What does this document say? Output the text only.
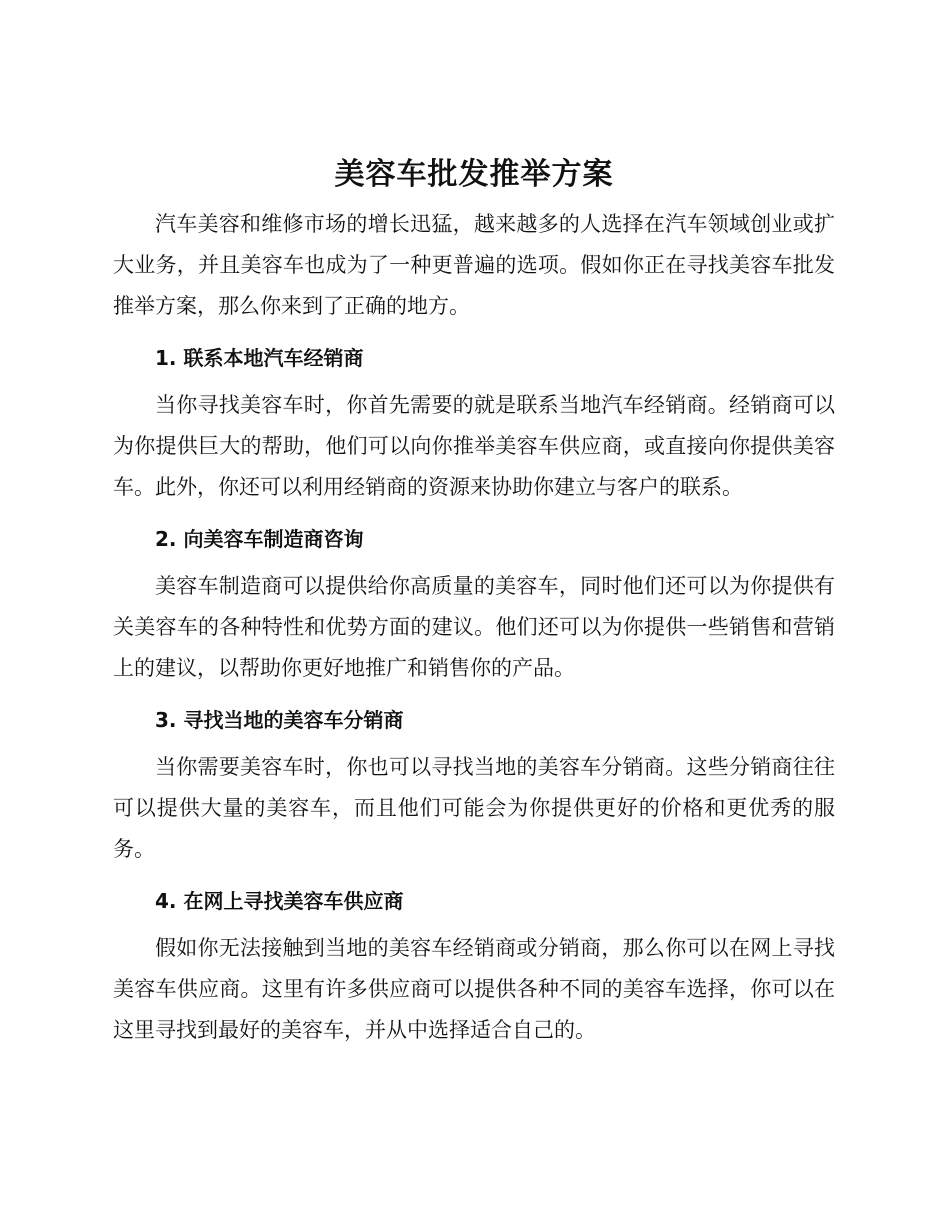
美容车批发推举方案

汽车美容和维修市场的增长迅猛，越来越多的人选择在汽车领域创业或扩大业务，并且美容车也成为了一种更普遍的选项。假如你正在寻找美容车批发推举方案，那么你来到了正确的地方。

1. 联系本地汽车经销商

当你寻找美容车时，你首先需要的就是联系当地汽车经销商。经销商可以为你提供巨大的帮助，他们可以向你推举美容车供应商，或直接向你提供美容车。此外，你还可以利用经销商的资源来协助你建立与客户的联系。

2. 向美容车制造商咨询

美容车制造商可以提供给你高质量的美容车，同时他们还可以为你提供有关美容车的各种特性和优势方面的建议。他们还可以为你提供一些销售和营销上的建议，以帮助你更好地推广和销售你的产品。

3. 寻找当地的美容车分销商

当你需要美容车时，你也可以寻找当地的美容车分销商。这些分销商往往可以提供大量的美容车，而且他们可能会为你提供更好的价格和更优秀的服务。

4. 在网上寻找美容车供应商

假如你无法接触到当地的美容车经销商或分销商，那么你可以在网上寻找美容车供应商。这里有许多供应商可以提供各种不同的美容车选择，你可以在这里寻找到最好的美容车，并从中选择适合自己的。
